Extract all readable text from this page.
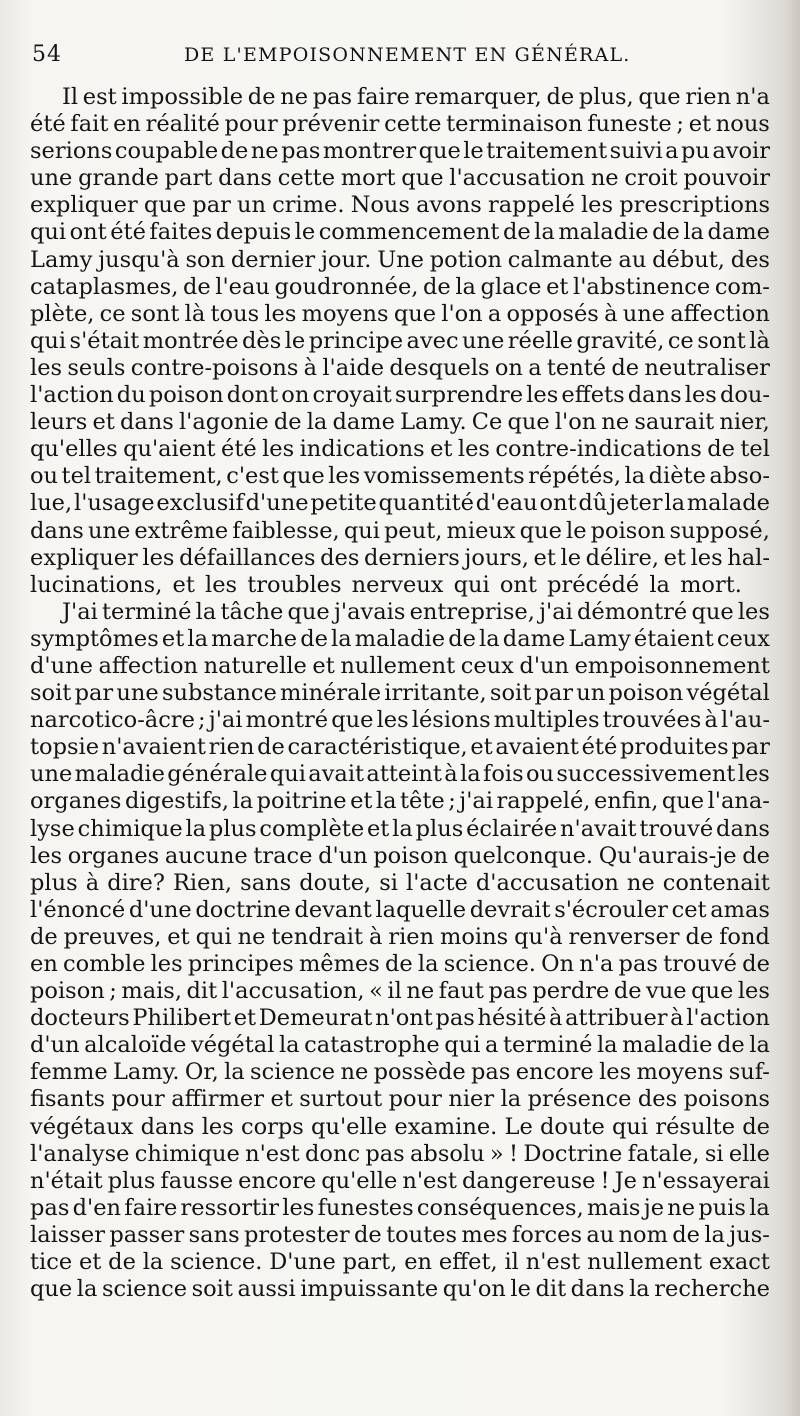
54	DE L'EMPOISONNEMENT EN GÉNÉRAL.
Il est impossible de ne pas faire remarquer, de plus, que rien n'a
été fait en réalité pour prévenir cette terminaison funeste ; et nous
serions coupable de ne pas montrer que le traitement suivi a pu avoir
une grande part dans cette mort que l'accusation ne croit pouvoir
expliquer que par un crime. Nous avons rappelé les prescriptions
qui ont été faites depuis le commencement de la maladie de la dame
Lamy jusqu'à son dernier jour. Une potion calmante au début, des
cataplasmes, de l'eau goudronnée, de la glace et l'abstinence com-
plète, ce sont là tous les moyens que l'on a opposés à une affection
qui s'était montrée dès le principe avec une réelle gravité, ce sont là
les seuls contre-poisons à l'aide desquels on a tenté de neutraliser
l'action du poison dont on croyait surprendre les effets dans les dou-
leurs et dans l'agonie de la dame Lamy. Ce que l'on ne saurait nier,
qu'elles qu'aient été les indications et les contre-indications de tel
ou tel traitement, c'est que les vomissements répétés, la diète abso-
lue, l'usage exclusif d'une petite quantité d'eau ont dû jeter la malade
dans une extrême faiblesse, qui peut, mieux que le poison supposé,
expliquer les défaillances des derniers jours, et le délire, et les hal-
lucinations, et les troubles nerveux qui ont précédé la mort.
J'ai terminé la tâche que j'avais entreprise, j'ai démontré que les
symptômes et la marche de la maladie de la dame Lamy étaient ceux
d'une affection naturelle et nullement ceux d'un empoisonnement
soit par une substance minérale irritante, soit par un poison végétal
narcotico-âcre ; j'ai montré que les lésions multiples trouvées à l'au-
topsie n'avaient rien de caractéristique, et avaient été produites par
une maladie générale qui avait atteint à la fois ou successivement les
organes digestifs, la poitrine et la tête ; j'ai rappelé, enfin, que l'ana-
lyse chimique la plus complète et la plus éclairée n'avait trouvé dans
les organes aucune trace d'un poison quelconque. Qu'aurais-je de
plus à dire? Rien, sans doute, si l'acte d'accusation ne contenait
l'énoncé d'une doctrine devant laquelle devrait s'écrouler cet amas
de preuves, et qui ne tendrait à rien moins qu'à renverser de fond
en comble les principes mêmes de la science. On n'a pas trouvé de
poison ; mais, dit l'accusation, « il ne faut pas perdre de vue que les
docteurs Philibert et Demeurat n'ont pas hésité à attribuer à l'action
d'un alcaloïde végétal la catastrophe qui a terminé la maladie de la
femme Lamy. Or, la science ne possède pas encore les moyens suf-
fisants pour affirmer et surtout pour nier la présence des poisons
végétaux dans les corps qu'elle examine. Le doute qui résulte de
l'analyse chimique n'est donc pas absolu » ! Doctrine fatale, si elle
n'était plus fausse encore qu'elle n'est dangereuse ! Je n'essayerai
pas d'en faire ressortir les funestes conséquences, mais je ne puis la
laisser passer sans protester de toutes mes forces au nom de la jus-
tice et de la science. D'une part, en effet, il n'est nullement exact
que la science soit aussi impuissante qu'on le dit dans la recherche
